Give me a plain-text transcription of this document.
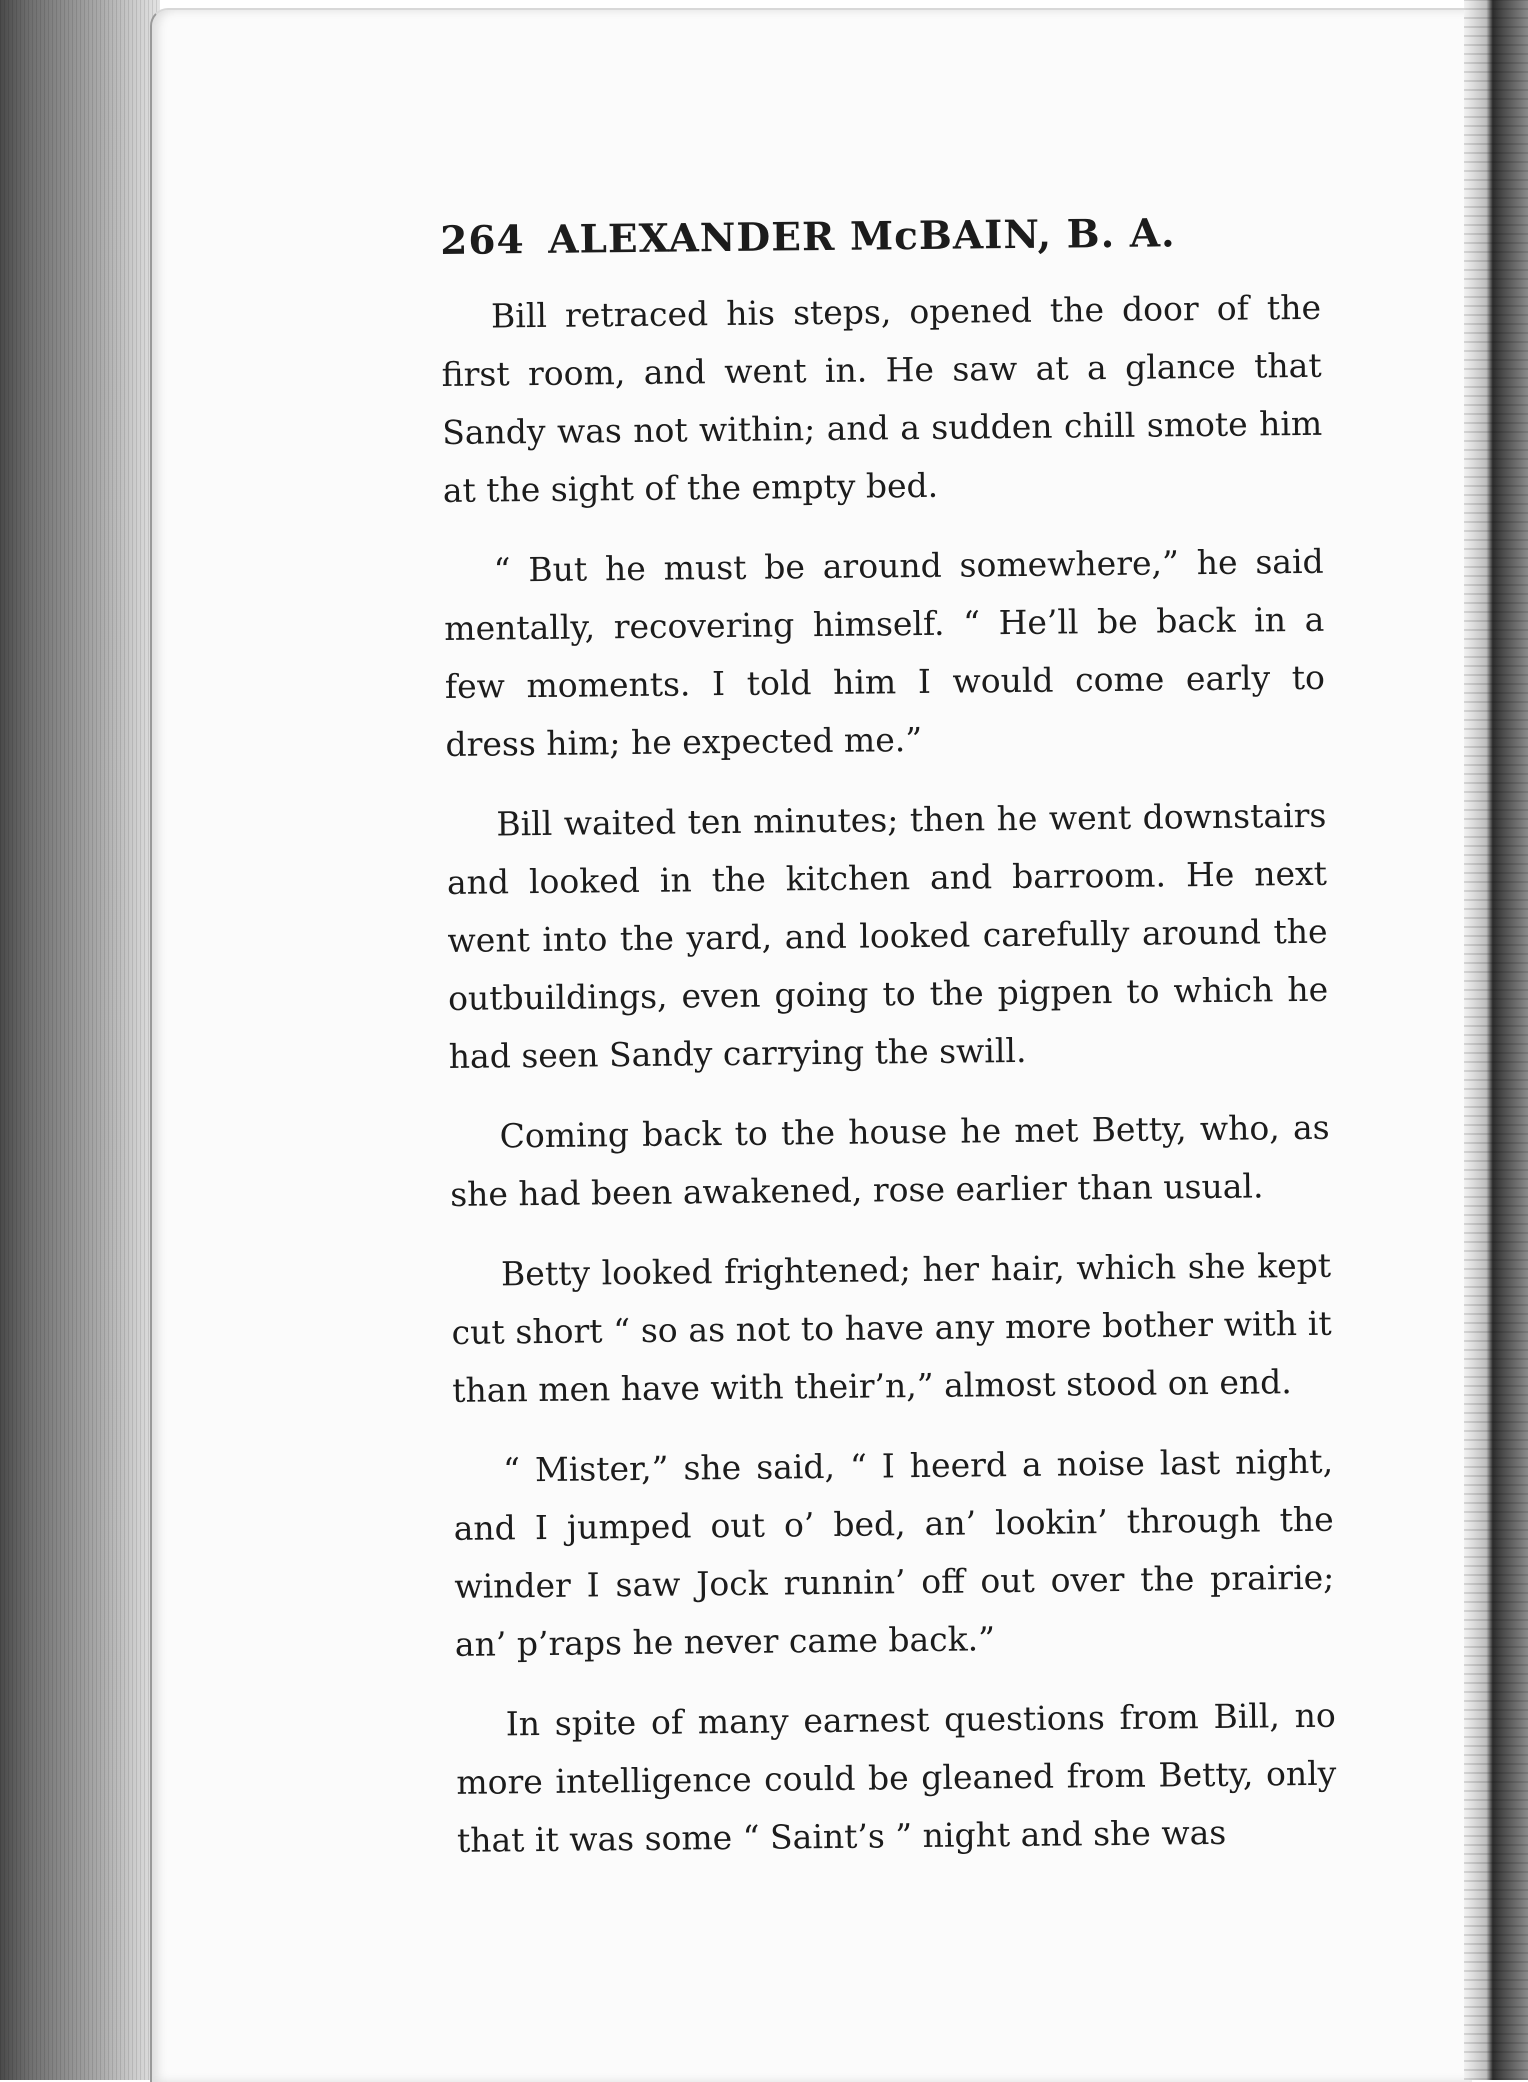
264 ALEXANDER McBAIN, B. A.

Bill retraced his steps, opened the door of the first room, and went in. He saw at a glance that Sandy was not within; and a sudden chill smote him at the sight of the empty bed.

“ But he must be around somewhere,” he said mentally, recovering himself. “ He’ll be back in a few moments. I told him I would come early to dress him; he expected me.”

Bill waited ten minutes; then he went downstairs and looked in the kitchen and barroom. He next went into the yard, and looked carefully around the outbuildings, even going to the pigpen to which he had seen Sandy carrying the swill.

Coming back to the house he met Betty, who, as she had been awakened, rose earlier than usual.

Betty looked frightened; her hair, which she kept cut short “ so as not to have any more bother with it than men have with their’n,” almost stood on end.

“ Mister,” she said, “ I heerd a noise last night, and I jumped out o’ bed, an’ lookin’ through the winder I saw Jock runnin’ off out over the prairie; an’ p’raps he never came back.”

In spite of many earnest questions from Bill, no more intelligence could be gleaned from Betty, only that it was some “ Saint’s ” night and she was
